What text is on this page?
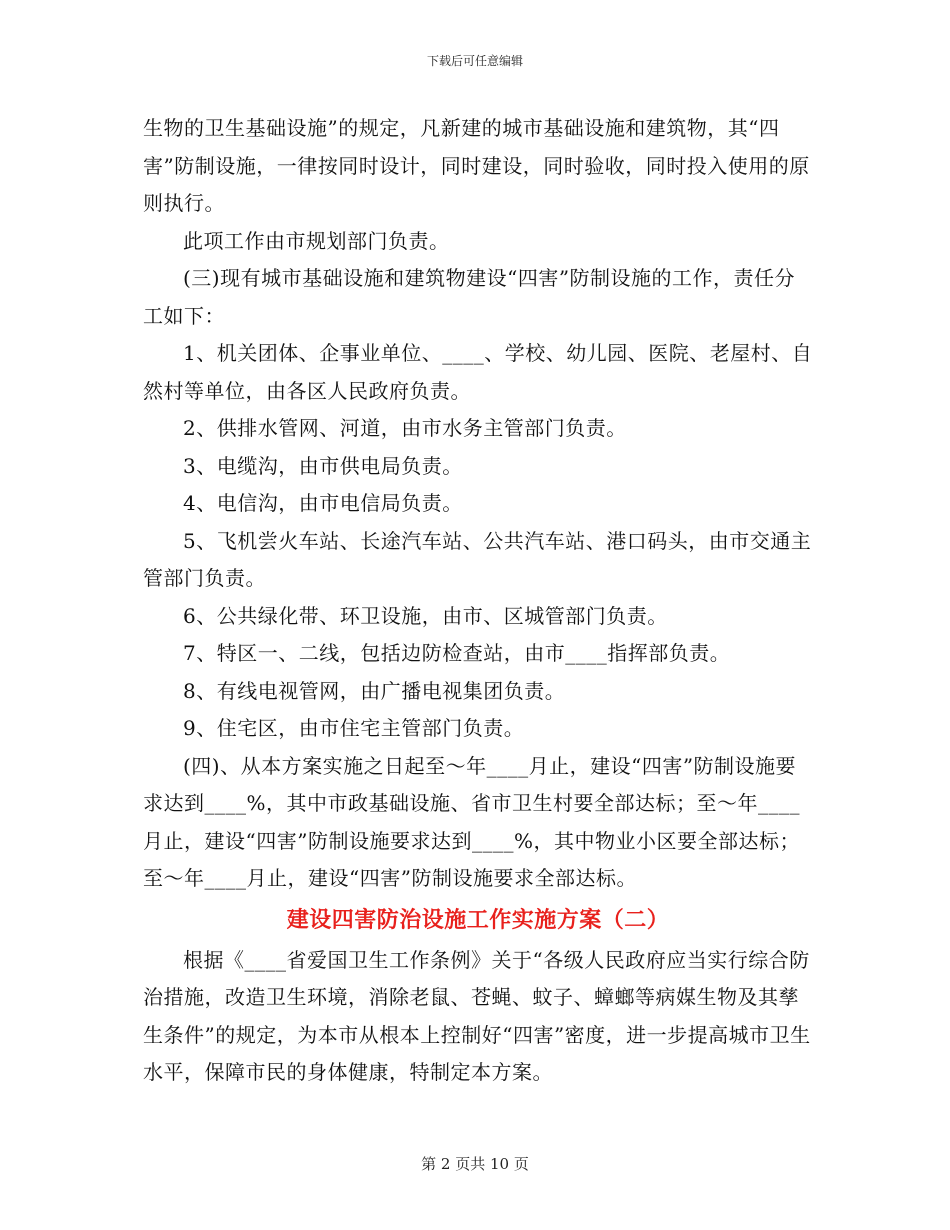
下载后可任意编辑

生物的卫生基础设施”的规定，凡新建的城市基础设施和建筑物，其“四害”防制设施，一律按同时设计，同时建设，同时验收，同时投入使用的原则执行。

此项工作由市规划部门负责。

(三)现有城市基础设施和建筑物建设“四害”防制设施的工作，责任分工如下：

1、机关团体、企事业单位、____、学校、幼儿园、医院、老屋村、自然村等单位，由各区人民政府负责。

2、供排水管网、河道，由市水务主管部门负责。

3、电缆沟，由市供电局负责。

4、电信沟，由市电信局负责。

5、飞机尝火车站、长途汽车站、公共汽车站、港口码头，由市交通主管部门负责。

6、公共绿化带、环卫设施，由市、区城管部门负责。

7、特区一、二线，包括边防检查站，由市____指挥部负责。

8、有线电视管网，由广播电视集团负责。

9、住宅区，由市住宅主管部门负责。

(四)、从本方案实施之日起至～年____月止，建设“四害”防制设施要求达到____%，其中市政基础设施、省市卫生村要全部达标；至～年____月止，建设“四害”防制设施要求达到____%，其中物业小区要全部达标；至～年____月止，建设“四害”防制设施要求全部达标。

建设四害防治设施工作实施方案（二）

根据《____省爱国卫生工作条例》关于“各级人民政府应当实行综合防治措施，改造卫生环境，消除老鼠、苍蝇、蚊子、蟑螂等病媒生物及其孳生条件”的规定，为本市从根本上控制好“四害”密度，进一步提高城市卫生水平，保障市民的身体健康，特制定本方案。

第 2 页共 10 页
